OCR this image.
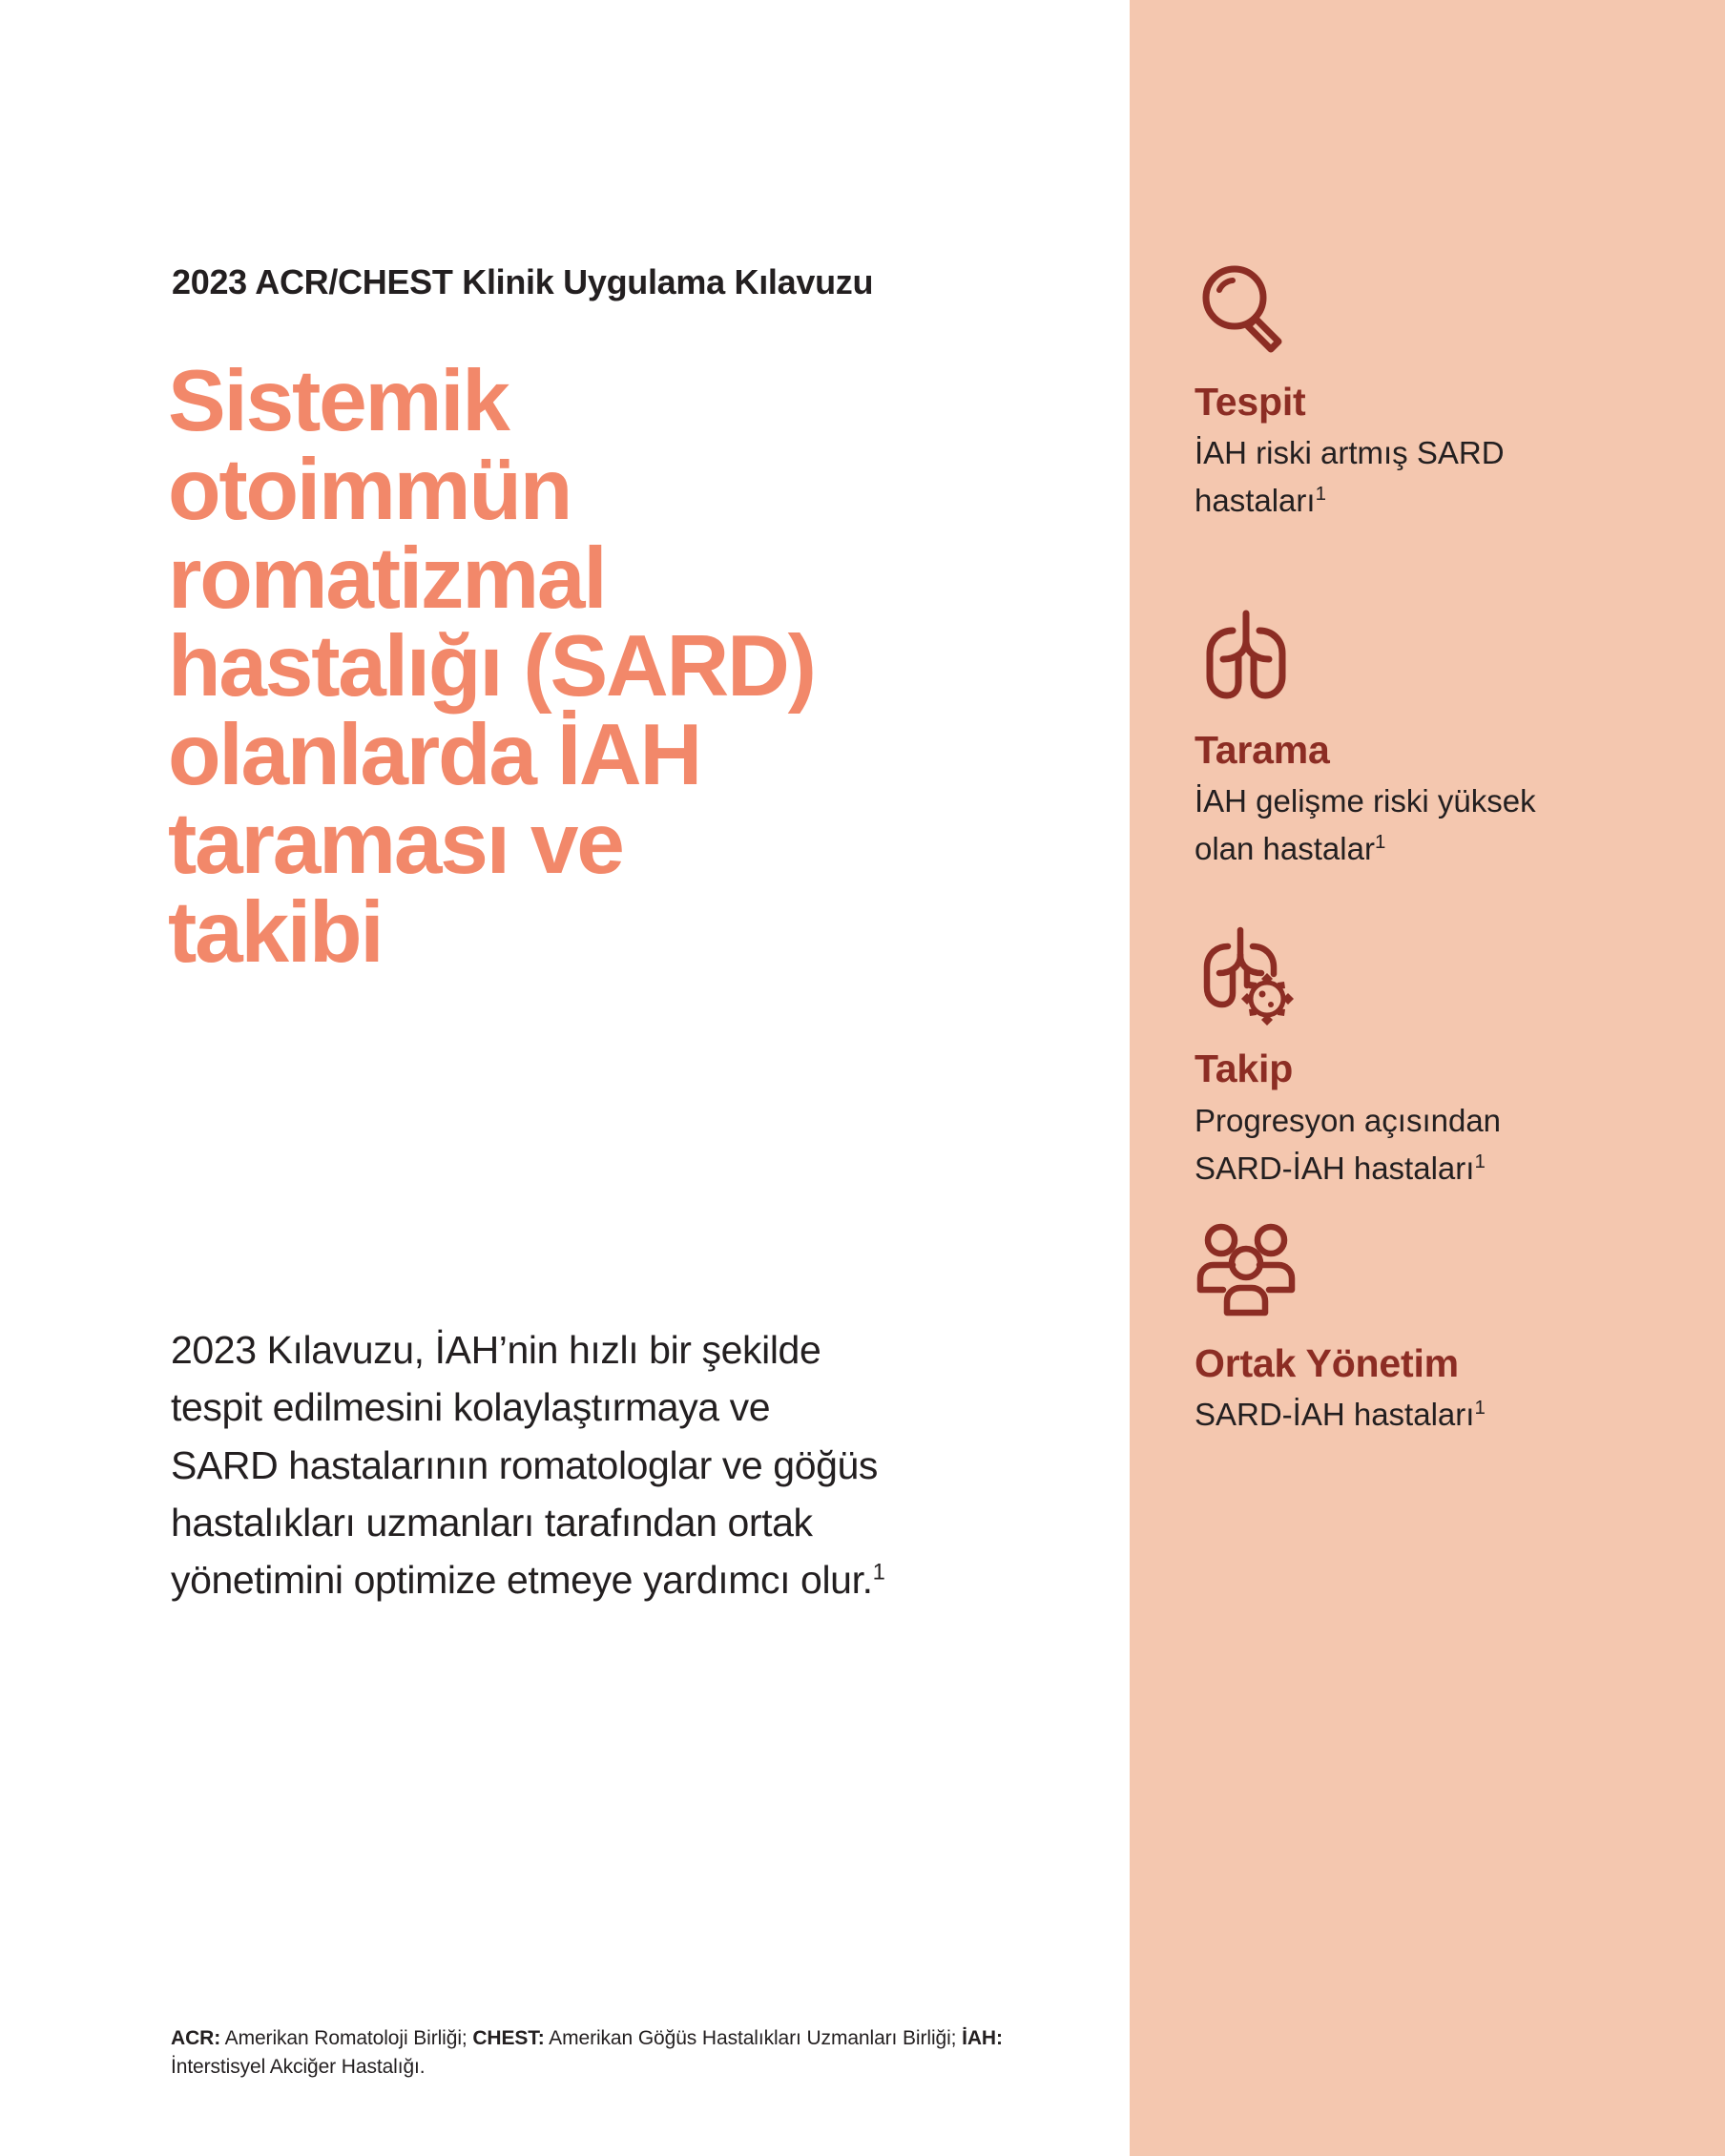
2023 ACR/CHEST Klinik Uygulama Kılavuzu
Sistemik
otoimmün
romatizmal
hastalığı (SARD)
olanlarda İAH
taraması ve
takibi
2023 Kılavuzu, İAH’nin hızlı bir şekilde
tespit edilmesini kolaylaştırmaya ve
SARD hastalarının romatologlar ve göğüs
hastalıkları uzmanları tarafından ortak
yönetimini optimize etmeye yardımcı olur.$^1$
ACR: Amerikan Romatoloji Birliği; CHEST: Amerikan Göğüs Hastalıkları Uzmanları Birliği; İAH: İnterstisyel Akciğer Hastalığı.
Tespit
İAH riski artmış SARD hastaları$^1$
Tarama
İAH gelişme riski yüksek olan hastalar$^1$
Takip
Progresyon açısından SARD-İAH hastaları$^1$
Ortak Yönetim
SARD-İAH hastaları$^1$
